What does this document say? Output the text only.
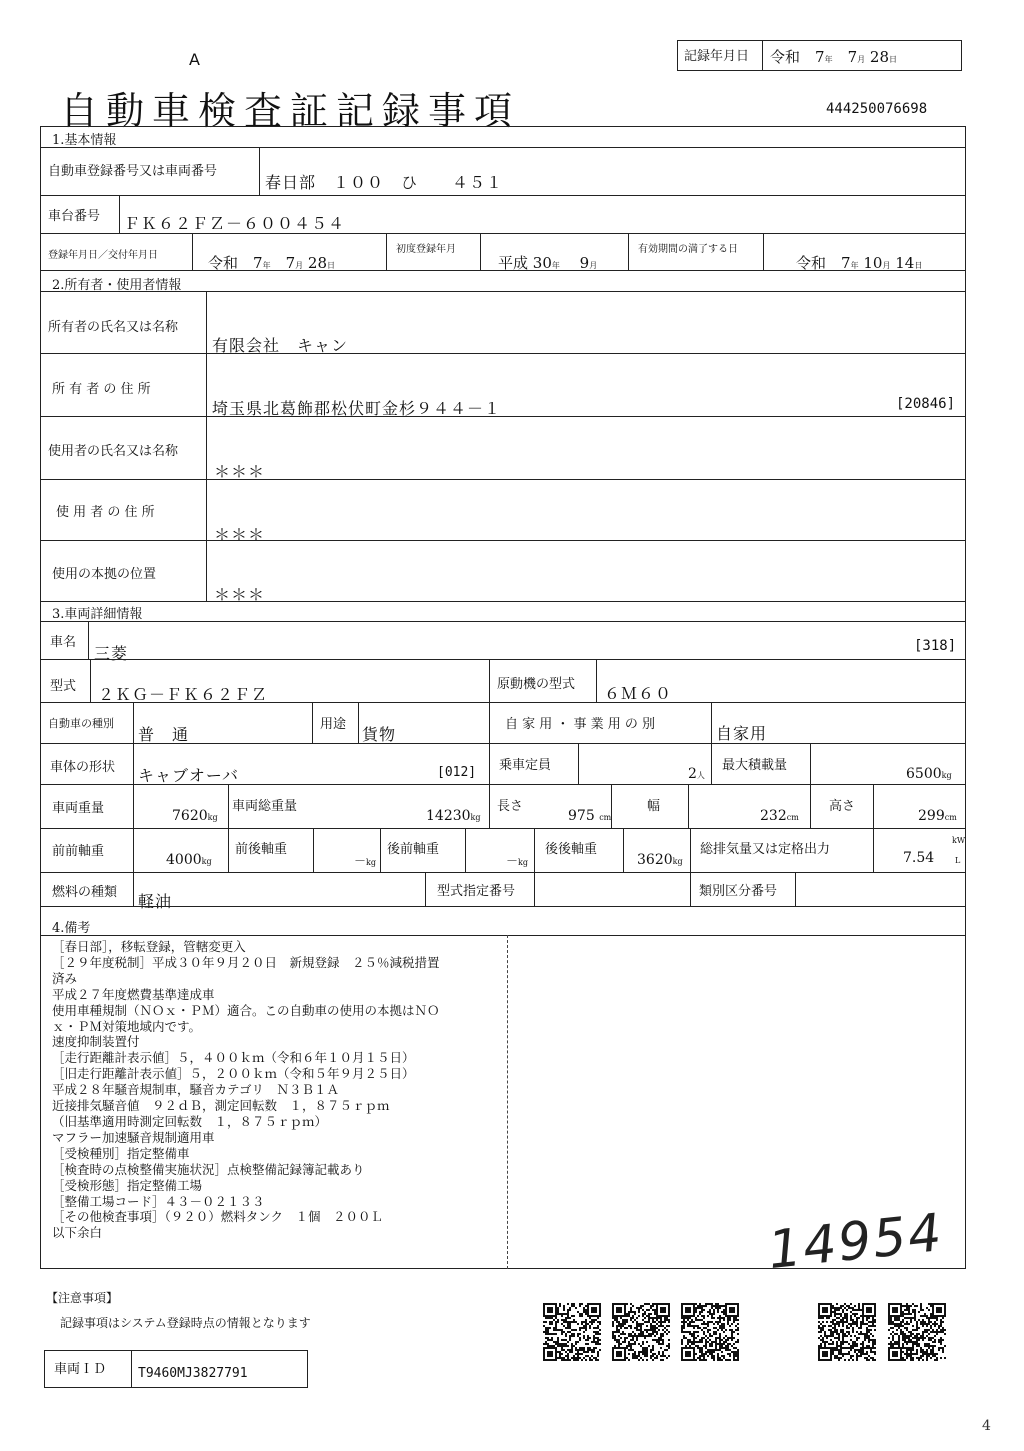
A
自動車検査証記録事項
記録年月日 令和　 7年　 7月 28日
444250076698
1.基本情報
自動車登録番号又は車両番号
春日部　１００　ひ　　４５１
車台番号 ＦＫ６２ＦＺ－６００４５４
登録年月日／交付年月日	令和　 7年　 7月 28日
初度登録年月
平成 30年　 9月
有効期間の満了する日
令和　 7年 10月 14日
2.所有者・使用者情報
所有者の氏名又は名称
有限会社　キャン
所 有 者 の 住 所
埼玉県北葛飾郡松伏町金杉９４４－１	[20846]
使用者の氏名又は名称
＊＊＊
使 用 者 の 住 所
＊＊＊
使用の本拠の位置
＊＊＊
3.車両詳細情報
車名
三菱	[318]
型式 ２ＫＧ－ＦＫ６２ＦＺ
原動機の型式 ６Ｍ６０
自動車の種別
普　通
用途
貨物
自 家 用 ・ 事 業 用 の 別	自家用
車体の形状 キャブオーバ	[012] 乗車定員
2人
最大積載量
6500kg
車両重量	7620kg
車両総重量
14230kg
長さ
975 cm
幅
232cm
高さ
299cm
前前軸重
4000kg
前後軸重
－kg
後前軸重
－kg
後後軸重
3620kg
総排気量又は定格出力
7.54
kW
L
燃料の種類 軽油
型式指定番号	類別区分番号
4.備考
［春日部］，移転登録，管轄変更入
［２９年度税制］平成３０年９月２０日　新規登録　２５％減税措置
済み
平成２７年度燃費基準達成車
使用車種規制（ＮＯｘ・ＰＭ）適合。この自動車の使用の本拠はＮＯ
ｘ・ＰＭ対策地域内です。
速度抑制装置付
［走行距離計表示値］５，４００ｋｍ（令和６年１０月１５日）
［旧走行距離計表示値］５，２００ｋｍ（令和５年９月２５日）
平成２８年騒音規制車，騒音カテゴリ　Ｎ３Ｂ１Ａ
近接排気騒音値　９２ｄＢ，測定回転数　１，８７５ｒｐｍ
（旧基準適用時測定回転数　１，８７５ｒｐｍ）
マフラー加速騒音規制適用車
［受検種別］指定整備車
［検査時の点検整備実施状況］点検整備記録簿記載あり
［受検形態］指定整備工場
［整備工場コード］４３－０２１３３
［その他検査事項］（９２０）燃料タンク　１個　２００Ｌ
以下余白	14954
【注意事項】
記録事項はシステム登録時点の情報となります
車両ＩＤ T9460MJ3827791
4
